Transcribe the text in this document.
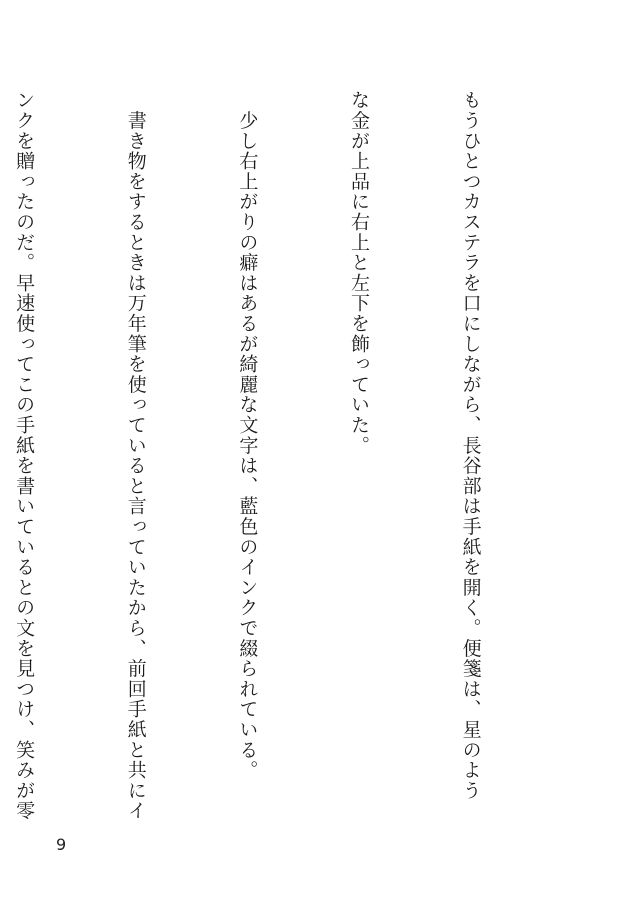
もうひとつカステラを口にしながら、長谷部は手紙を開く。便箋は、星のよう

な金が上品に右上と左下を飾っていた。

　少し右上がりの癖はあるが綺麗な文字は、藍色のインクで綴られている。

　書き物をするときは万年筆を使っていると言っていたから、前回手紙と共にイ

ンクを贈ったのだ。早速使ってこの手紙を書いているとの文を見つけ、笑みが零

9
